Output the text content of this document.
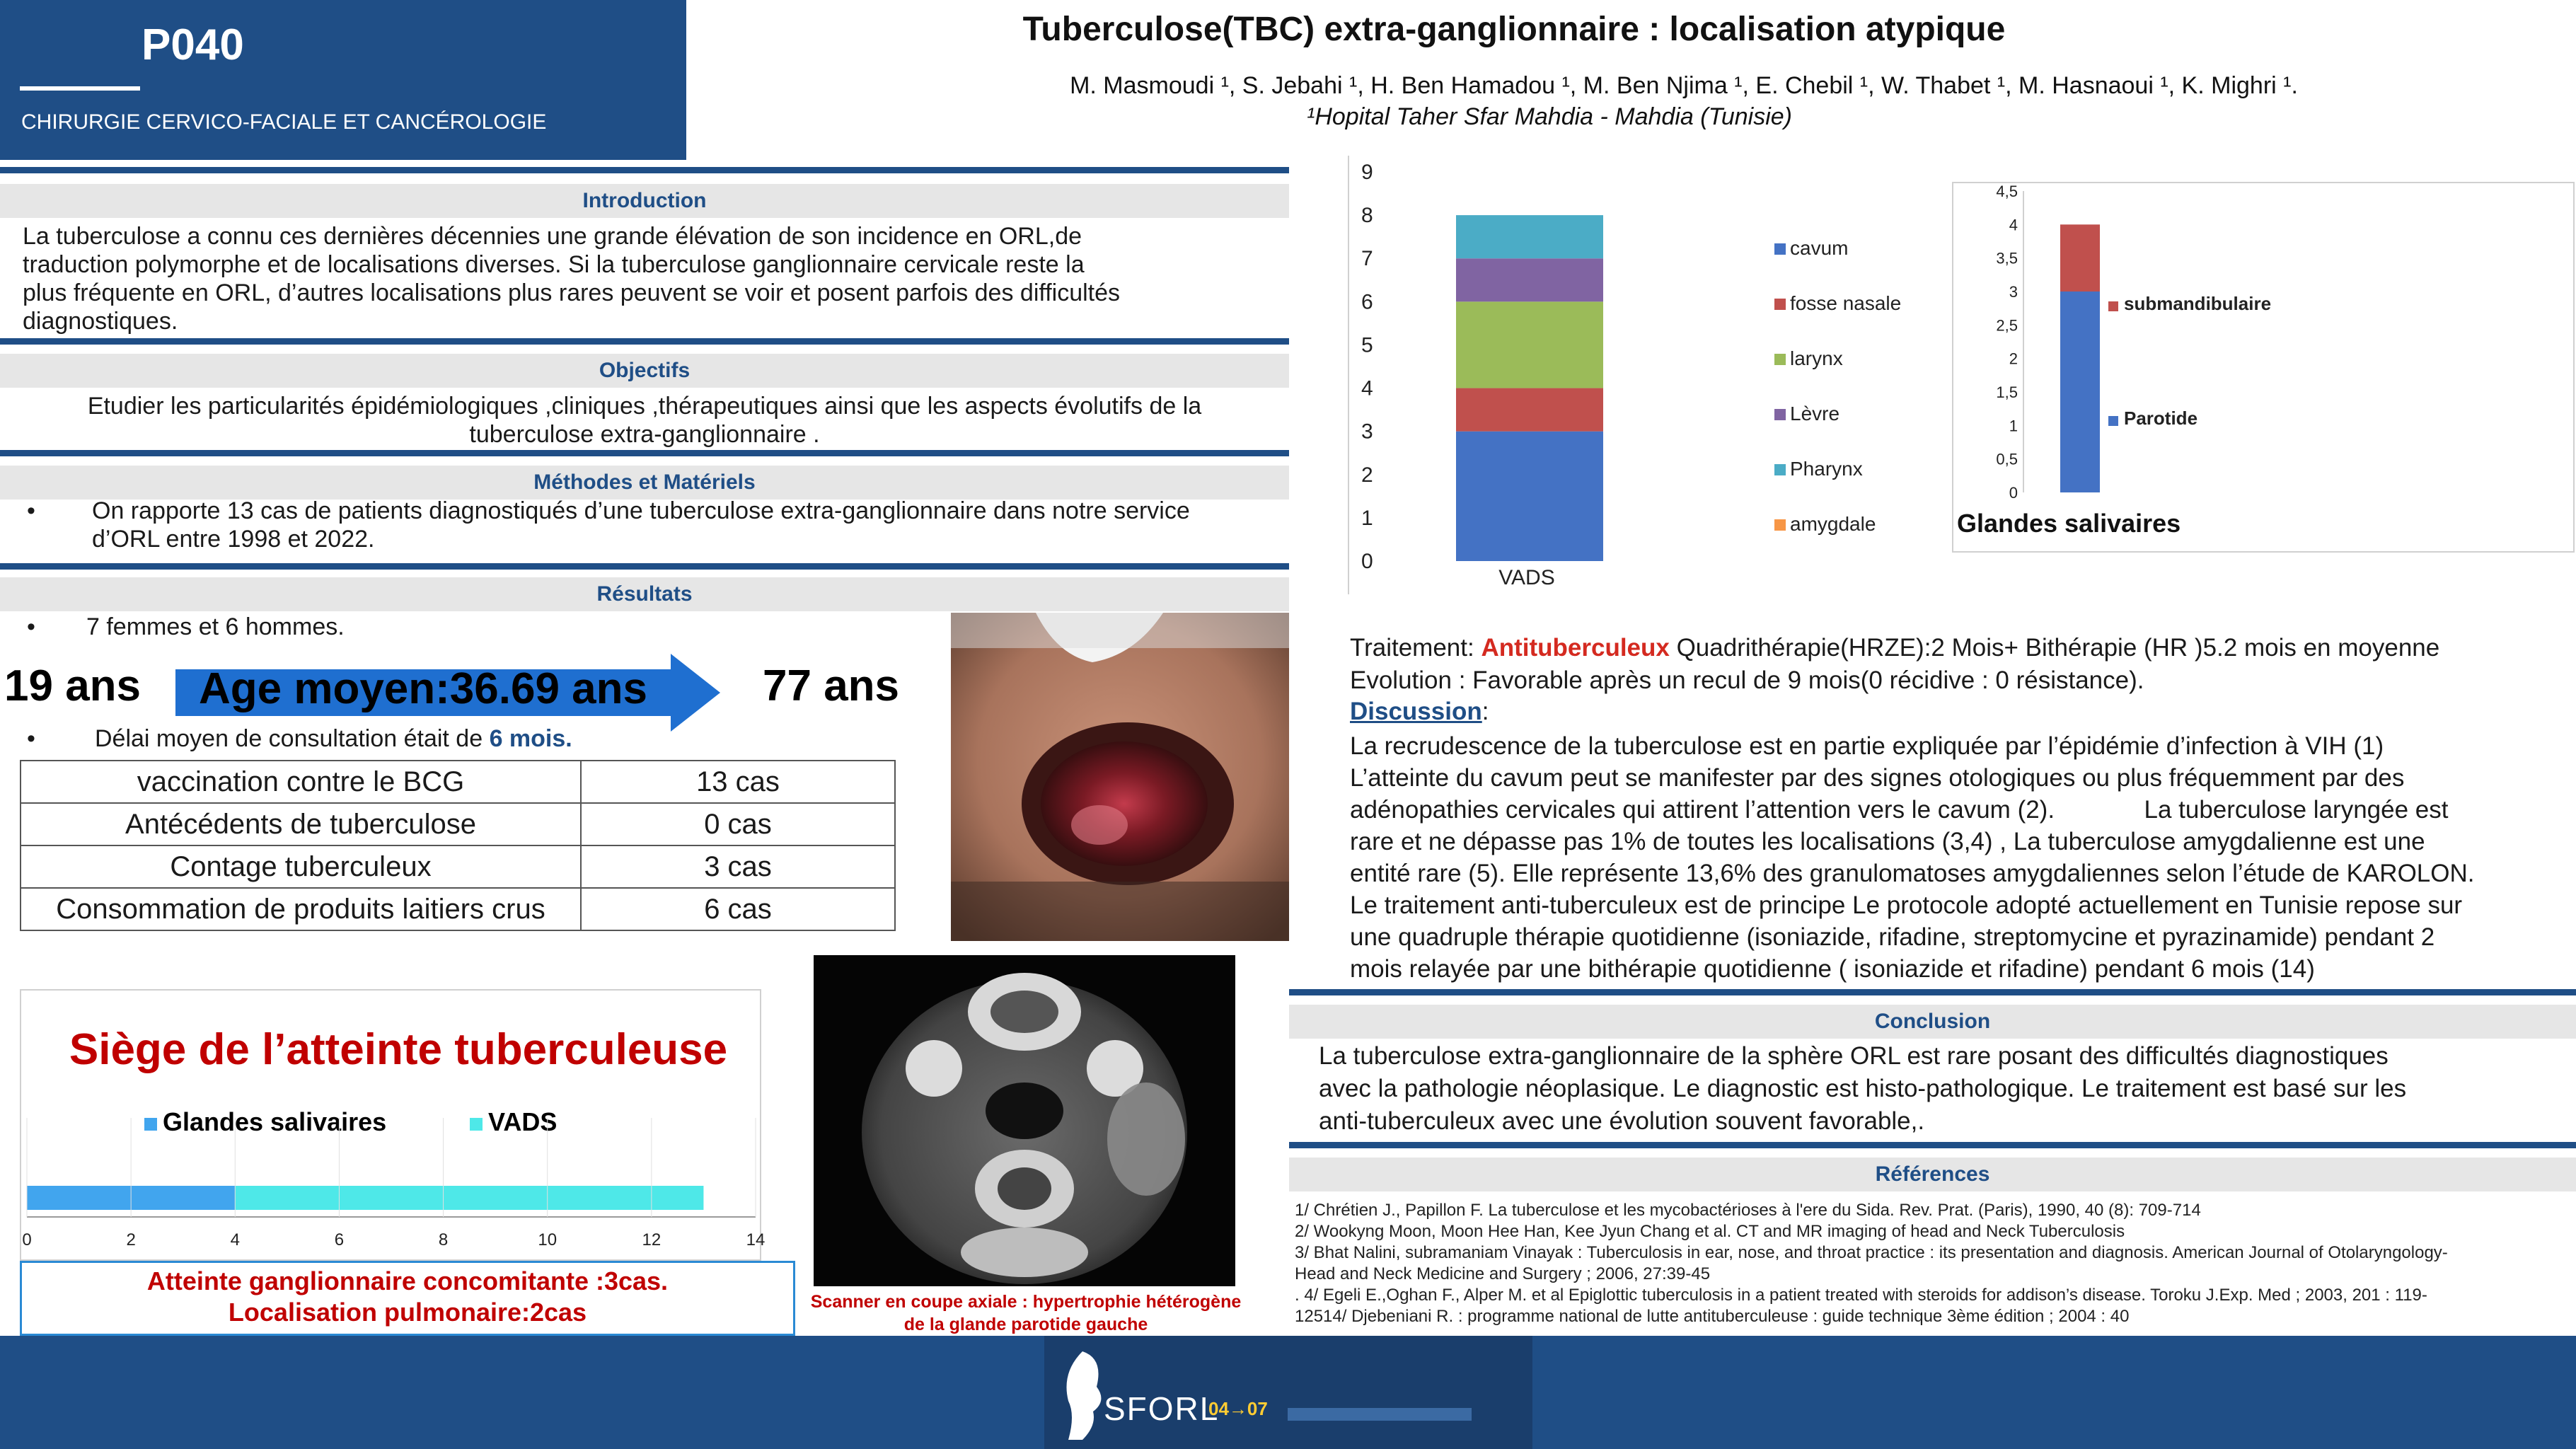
P040
CHIRURGIE CERVICO-FACIALE ET CANCÉROLOGIE
Tuberculose(TBC) extra-ganglionnaire : localisation atypique
M. Masmoudi ¹, S. Jebahi ¹, H. Ben Hamadou ¹, M. Ben Njima ¹, E. Chebil ¹, W. Thabet ¹, M. Hasnaoui ¹, K. Mighri ¹.
¹Hopital Taher Sfar Mahdia - Mahdia (Tunisie)
Introduction
La tuberculose a connu ces dernières décennies une grande élévation de son incidence en ORL,de
traduction polymorphe et de localisations diverses. Si la tuberculose ganglionnaire cervicale reste la
plus fréquente en ORL, d’autres localisations plus rares peuvent se voir et posent parfois des difficultés
diagnostiques.
Objectifs
Etudier les particularités épidémiologiques ,cliniques ,thérapeutiques ainsi que les aspects évolutifs de la
tuberculose extra-ganglionnaire .
Méthodes et Matériels
• On rapporte 13 cas de patients diagnostiqués d’une tuberculose extra-ganglionnaire dans notre service
d’ORL entre 1998 et 2022.
Résultats
• 7 femmes et 6 hommes.
19 ans	Age moyen:36.69 ans	77 ans
• Délai moyen de consultation était de 6 mois.
vaccination contre le BCG	13 cas
Antécédents de tuberculose	0 cas
Contage tuberculeux	3 cas
Consommation de produits laitiers crus	6 cas
Siège de l’atteinte tuberculeuse
Glandes salivaires	VADS
0	2	4	6	8	10	12	14
Atteinte ganglionnaire concomitante :3cas.
Localisation pulmonaire:2cas	Scanner en coupe axiale : hypertrophie hétérogène
de la glande parotide gauche
0
1
2
3
4
5
6
7
8
9
VADS
cavum
fosse nasale
larynx
Lèvre
Pharynx
amygdale
0
0,5
1
1,5
2
2,5
3
3,5
4
4,5
Parotide
submandibulaire
Glandes salivaires
Traitement: Antituberculeux Quadrithérapie(HRZE):2 Mois+ Bithérapie (HR )5.2 mois en moyenne
Evolution : Favorable après un recul de 9 mois(0 récidive : 0 résistance).
Discussion:
La recrudescence de la tuberculose est en partie expliquée par l’épidémie d’infection à VIH (1)
L’atteinte du cavum peut se manifester par des signes otologiques ou plus fréquemment par des
adénopathies cervicales qui attirent l’attention vers le cavum (2).             La tuberculose laryngée est
rare et ne dépasse pas 1% de toutes les localisations (3,4) , La tuberculose amygdalienne est une
entité rare (5). Elle représente 13,6% des granulomatoses amygdaliennes selon l’étude de KAROLON.
Le traitement anti-tuberculeux est de principe Le protocole adopté actuellement en Tunisie repose sur
une quadruple thérapie quotidienne (isoniazide, rifadine, streptomycine et pyrazinamide) pendant 2
mois relayée par une bithérapie quotidienne ( isoniazide et rifadine) pendant 6 mois (14)
Conclusion
La tuberculose extra-ganglionnaire de la sphère ORL est rare posant des difficultés diagnostiques
avec la pathologie néoplasique. Le diagnostic est histo-pathologique. Le traitement est basé sur les
anti-tuberculeux avec une évolution souvent favorable,.
Références
1/ Chrétien J., Papillon F. La tuberculose et les mycobactérioses à l'ere du Sida. Rev. Prat. (Paris), 1990, 40 (8): 709-714
2/ Wookyng Moon, Moon Hee Han, Kee Jyun Chang et al. CT and MR imaging of head and Neck Tuberculosis
3/ Bhat Nalini, subramaniam Vinayak : Tuberculosis in ear, nose, and throat practice : its presentation and diagnosis. American Journal of Otolaryngology-
Head and Neck Medicine and Surgery ; 2006, 27:39-45
. 4/ Egeli E.,Oghan F., Alper M. et al Epiglottic tuberculosis in a patient treated with steroids for addison’s disease. Toroku J.Exp. Med ; 2003, 201 : 119-
12514/ Djebeniani R. : programme national de lutte antituberculeuse : guide technique 3ème édition ; 2004 : 40
SFORL
04→07
